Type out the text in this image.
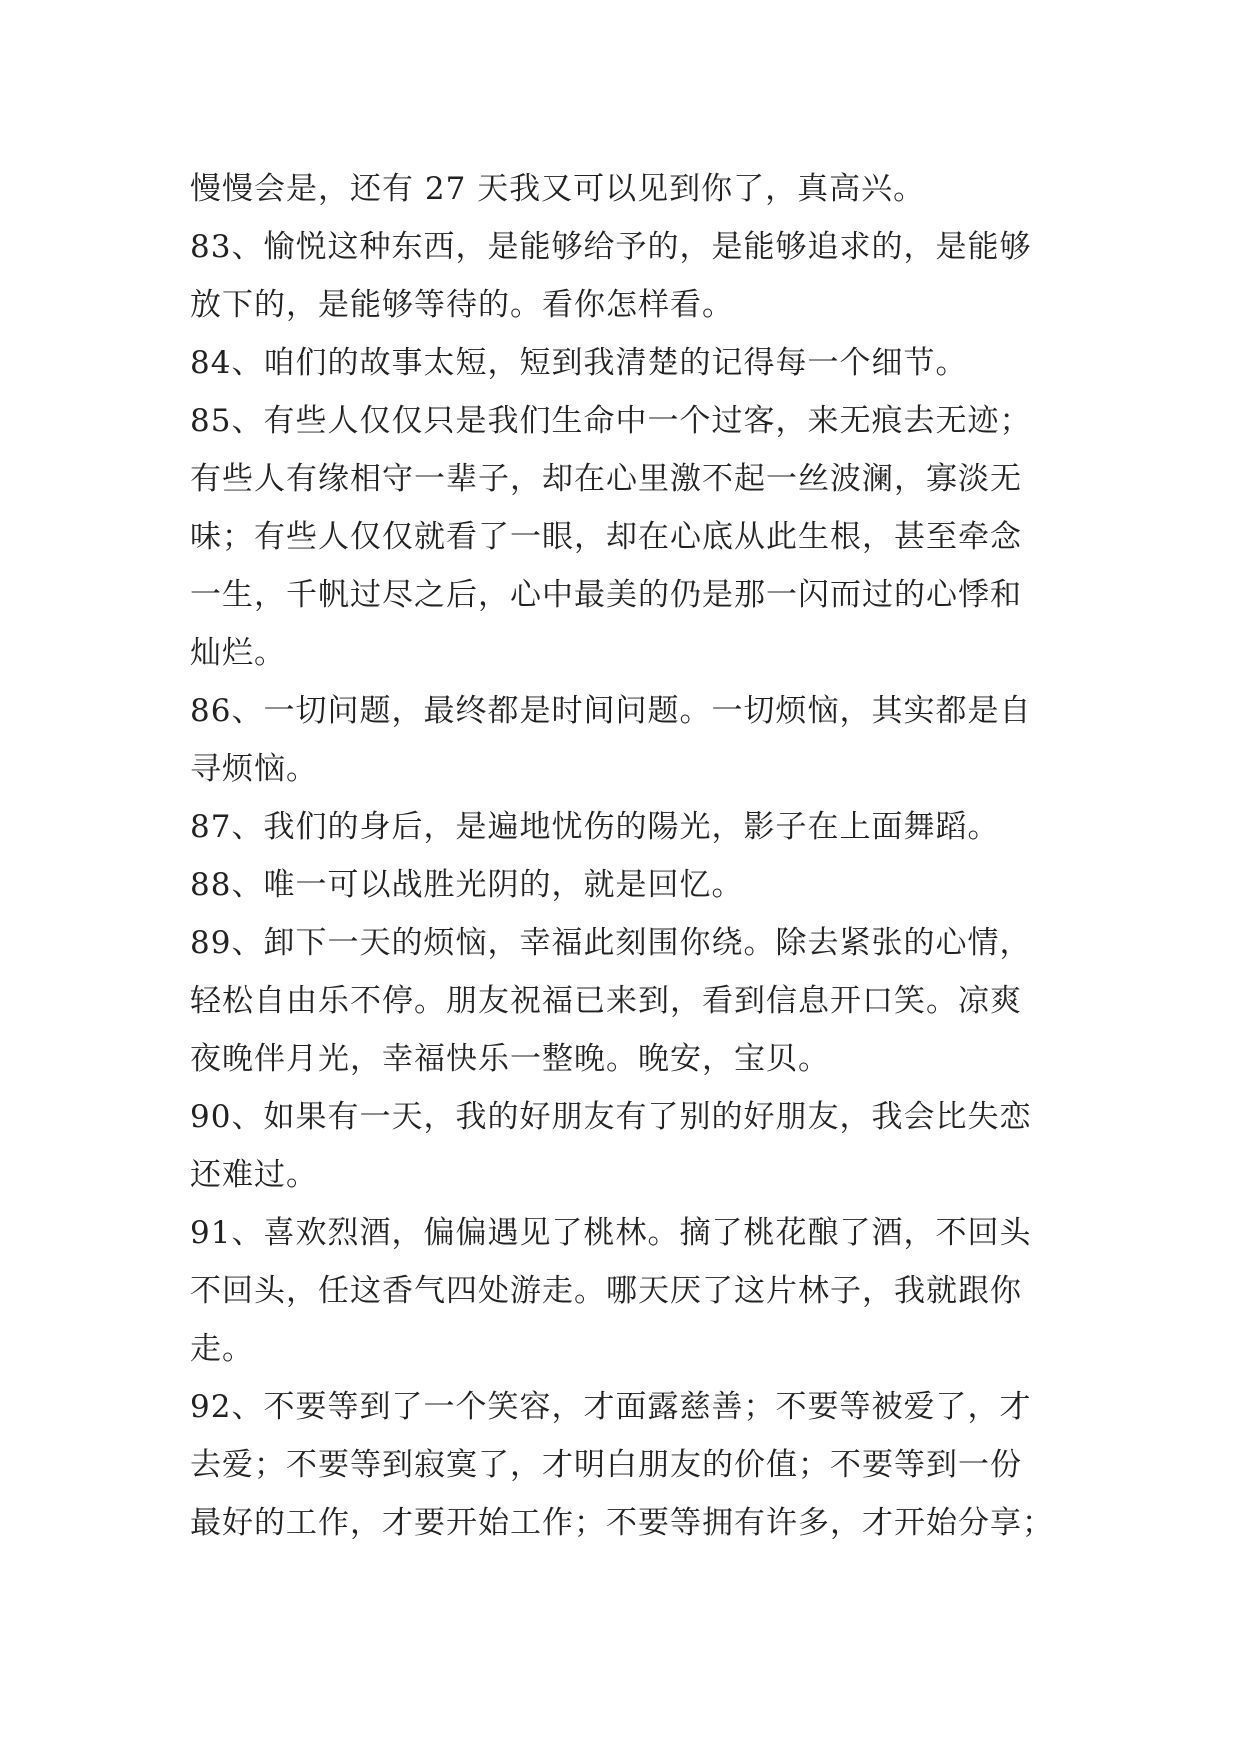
慢慢会是，还有 27 天我又可以见到你了，真高兴。
83、愉悦这种东西，是能够给予的，是能够追求的，是能够
放下的，是能够等待的。看你怎样看。
84、咱们的故事太短，短到我清楚的记得每一个细节。
85、有些人仅仅只是我们生命中一个过客，来无痕去无迹；
有些人有缘相守一辈子，却在心里激不起一丝波澜，寡淡无
味；有些人仅仅就看了一眼，却在心底从此生根，甚至牵念
一生，千帆过尽之后，心中最美的仍是那一闪而过的心悸和
灿烂。
86、一切问题，最终都是时间问题。一切烦恼，其实都是自
寻烦恼。
87、我们的身后，是遍地忧伤的陽光，影子在上面舞蹈。
88、唯一可以战胜光阴的，就是回忆。
89、卸下一天的烦恼，幸福此刻围你绕。除去紧张的心情，
轻松自由乐不停。朋友祝福已来到，看到信息开口笑。凉爽
夜晚伴月光，幸福快乐一整晚。晚安，宝贝。
90、如果有一天，我的好朋友有了别的好朋友，我会比失恋
还难过。
91、喜欢烈酒，偏偏遇见了桃林。摘了桃花酿了酒，不回头
不回头，任这香气四处游走。哪天厌了这片林子，我就跟你
走。
92、不要等到了一个笑容，才面露慈善；不要等被爱了，才
去爱；不要等到寂寞了，才明白朋友的价值；不要等到一份
最好的工作，才要开始工作；不要等拥有许多，才开始分享；
